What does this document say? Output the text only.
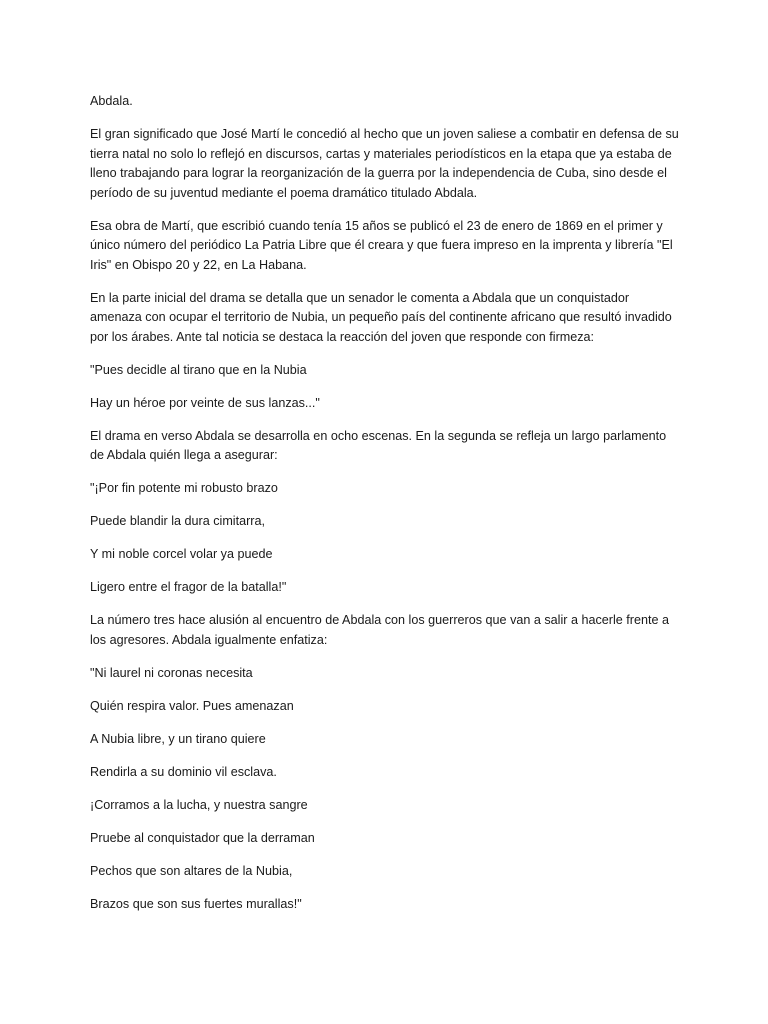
Abdala.

El gran significado que José Martí le concedió al hecho que un joven saliese a combatir en defensa de su tierra natal no solo lo reflejó en discursos, cartas y materiales periodísticos en la etapa que ya estaba de lleno trabajando para lograr la reorganización de la guerra por la independencia de Cuba, sino desde el período de su juventud mediante el poema dramático titulado Abdala.

Esa obra de Martí, que escribió cuando tenía 15 años se publicó el 23 de enero de 1869 en el primer y único número del periódico La Patria Libre que él creara y que fuera impreso en la imprenta y librería "El Iris" en Obispo 20 y 22, en La Habana.

En la parte inicial del drama se detalla que un senador le comenta a Abdala que un conquistador amenaza con ocupar el territorio de Nubia, un pequeño país del continente africano que resultó invadido por los árabes. Ante tal noticia se destaca la reacción del joven que responde con firmeza:

"Pues decidle al tirano que en la Nubia

Hay un héroe por veinte de sus lanzas..."

El drama en verso Abdala se desarrolla en ocho escenas. En la segunda se refleja un largo parlamento de Abdala quién llega a asegurar:

"¡Por fin potente mi robusto brazo

Puede blandir la dura cimitarra,

Y mi noble corcel volar ya puede

Ligero entre el fragor de la batalla!"

La número tres hace alusión al encuentro de Abdala con los guerreros que van a salir a hacerle frente a los agresores. Abdala igualmente enfatiza:

"Ni laurel ni coronas necesita

Quién respira valor. Pues amenazan

A Nubia libre, y un tirano quiere

Rendirla a su dominio vil esclava.

¡Corramos a la lucha, y nuestra sangre

Pruebe al conquistador que la derraman

Pechos que son altares de la Nubia,

Brazos que son sus fuertes murallas!"
